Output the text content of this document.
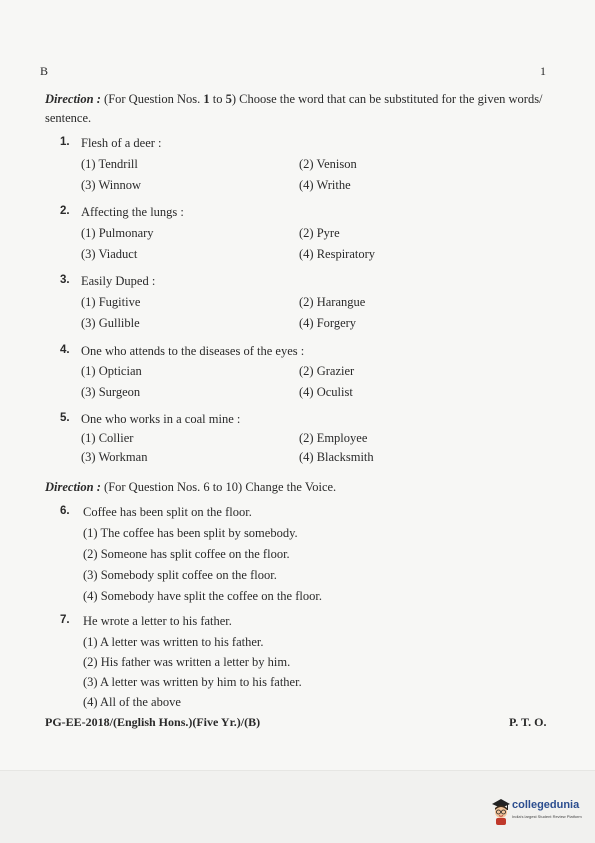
B	1
Direction : (For Question Nos. 1 to 5) Choose the word that can be substituted for the given words/ sentence.
1. Flesh of a deer :
(1) Tendrill	(2) Venison
(3) Winnow	(4) Writhe
2. Affecting the lungs :
(1) Pulmonary	(2) Pyre
(3) Viaduct	(4) Respiratory
3. Easily Duped :
(1) Fugitive	(2) Harangue
(3) Gullible	(4) Forgery
4. One who attends to the diseases of the eyes :
(1) Optician	(2) Grazier
(3) Surgeon	(4) Oculist
5. One who works in a coal mine :
(1) Collier	(2) Employee
(3) Workman	(4) Blacksmith
Direction : (For Question Nos. 6 to 10) Change the Voice.
6. Coffee has been split on the floor.
(1) The coffee has been split by somebody.
(2) Someone has split coffee on the floor.
(3) Somebody split coffee on the floor.
(4) Somebody have split the coffee on the floor.
7. He wrote a letter to his father.
(1) A letter was written to his father.
(2) His father was written a letter by him.
(3) A letter was written by him to his father.
(4) All of the above
PG-EE-2018/(English Hons.)(Five Yr.)/(B)	P. T. O.
collegedunia
India's largest Student Review Platform
